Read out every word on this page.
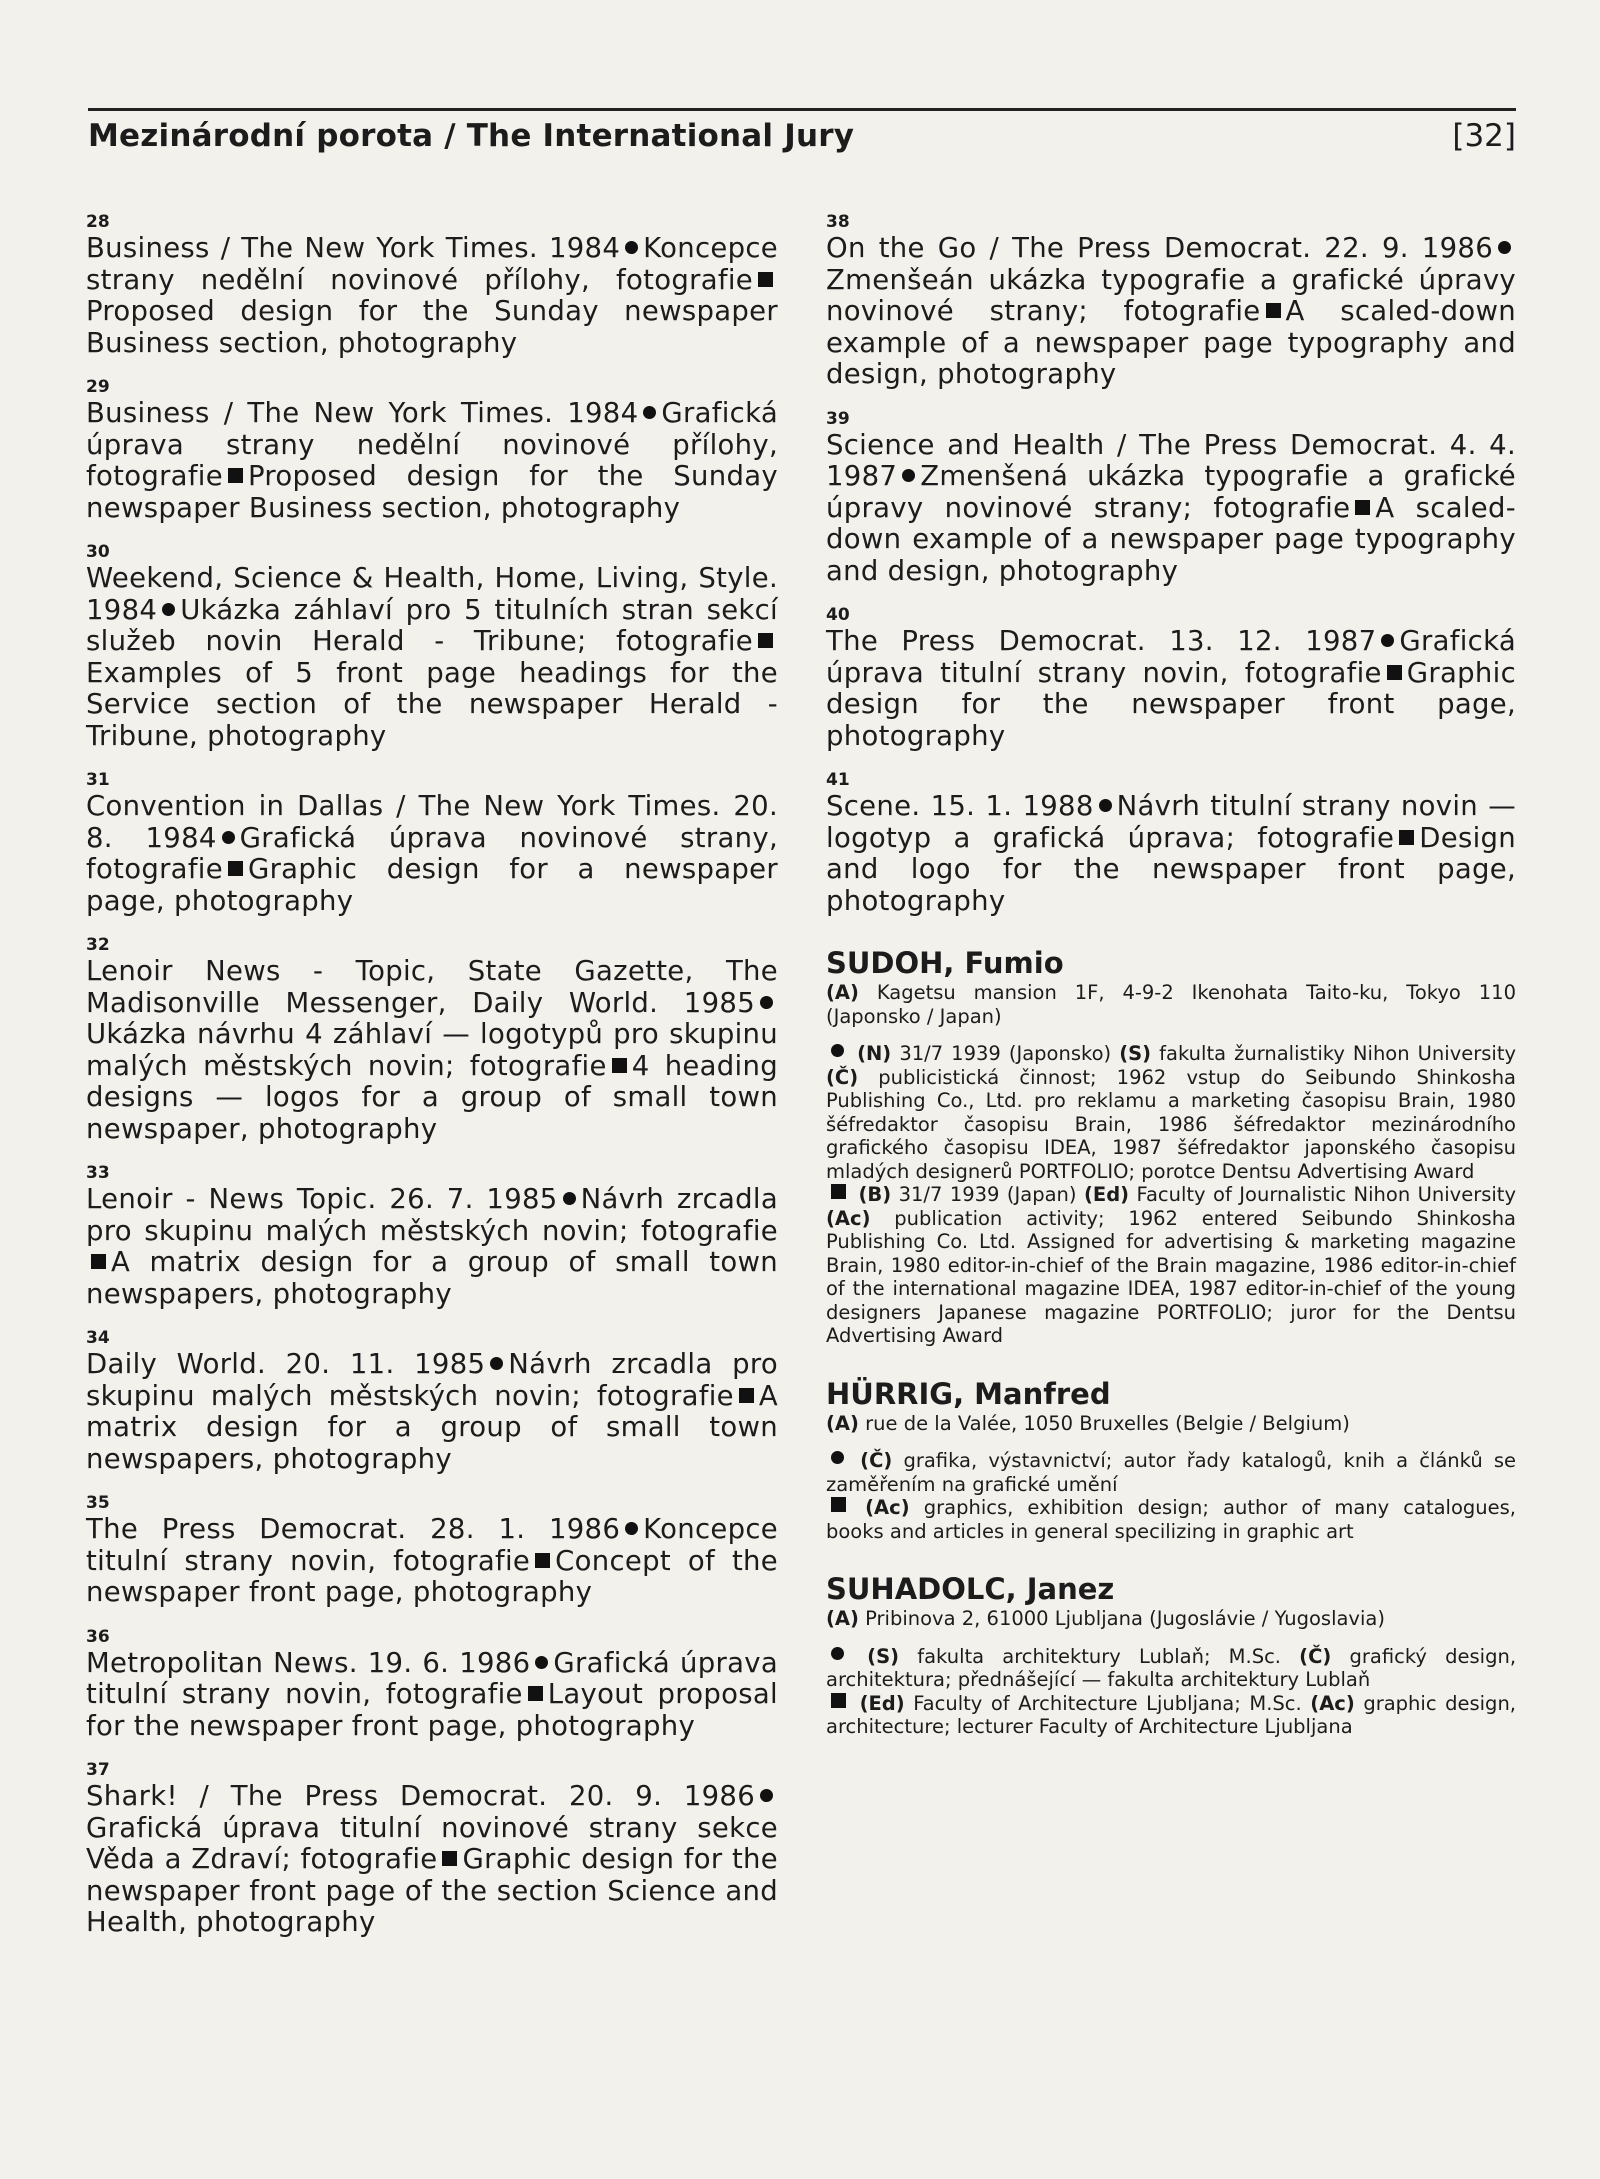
Mezinárodní porota / The International Jury	[32]
28
Business / The New York Times. 1984 Koncepce strany nedělní novinové přílohy, fotografieProposed design for the Sunday newspaper Business section, photography
29
Business / The New York Times. 1984 Grafická úprava strany nedělní novinové přílohy, fotografie Proposed design for the Sunday newspaper Business section, photography
30
Weekend, Science & Health, Home, Living, Style. 1984 Ukázka záhlaví pro 5 titulních stran sekcí služeb novin Herald - Tribune; fotografieExamples of 5 front page headings for the Service section of the newspaper Herald - Tribune, photography
31
Convention in Dallas / The New York Times. 20. 8. 1984 Grafická úprava novinové strany, fotografie Graphic design for a newspaper page, photography
32
Lenoir News - Topic, State Gazette, The Madisonville Messenger, Daily World. 1985Ukázka návrhu 4 záhlaví — logotypů pro skupinu malých městských novin; fotografie 4 heading designs — logos for a group of small town newspaper, photography
33
Lenoir - News Topic. 26. 7. 1985 Návrh zrcadla pro skupinu malých městských novin; fotografieA matrix design for a group of small town newspapers, photography
34
Daily World. 20. 11. 1985 Návrh zrcadla pro skupinu malých městských novin; fotografie A matrix design for a group of small town newspapers, photography
35
The Press Democrat. 28. 1. 1986 Koncepce titulní strany novin, fotografie Concept of the newspaper front page, photography
36
Metropolitan News. 19. 6. 1986 Grafická úprava titulní strany novin, fotografie Layout proposal for the newspaper front page, photography
37
Shark! / The Press Democrat. 20. 9. 1986Grafická úprava titulní novinové strany sekce Věda a Zdraví; fotografie Graphic design for the newspaper front page of the section Science and Health, photography
38
On the Go / The Press Democrat. 22. 9. 1986Zmenšeán ukázka typografie a grafické úpravy novinové strany; fotografie A scaled-down example of a newspaper page typography and design, photography
39
Science and Health / The Press Democrat. 4. 4. 1987 Zmenšená ukázka typografie a grafické úpravy novinové strany; fotografie A scaled-down example of a newspaper page typography and design, photography
40
The Press Democrat. 13. 12. 1987 Grafická úprava titulní strany novin, fotografie Graphic design for the newspaper front page, photography
41
Scene. 15. 1. 1988 Návrh titulní strany novin — logotyp a grafická úprava; fotografie Design and logo for the newspaper front page, photography
SUDOH, Fumio
(A) Kagetsu mansion 1F, 4-9-2 Ikenohata Taito-ku, Tokyo 110 (Japonsko / Japan)
(N) 31/7 1939 (Japonsko) (S) fakulta žurnalistiky Nihon University (Č) publicistická činnost; 1962 vstup do Seibundo Shinkosha Publishing Co., Ltd. pro reklamu a marketing časopisu Brain, 1980 šéfredaktor časopisu Brain, 1986 šéfredaktor mezinárodního grafického časopisu IDEA, 1987 šéfredaktor japonského časopisu mladých designerů PORTFOLIO; porotce Dentsu Advertising Award
(B) 31/7 1939 (Japan) (Ed) Faculty of Journalistic Nihon University (Ac) publication activity; 1962 entered Seibundo Shinkosha Publishing Co. Ltd. Assigned for advertising & marketing magazine Brain, 1980 editor-in-chief of the Brain magazine, 1986 editor-in-chief of the international magazine IDEA, 1987 editor-in-chief of the young designers Japanese magazine PORTFOLIO; juror for the Dentsu Advertising Award
HÜRRIG, Manfred
(A) rue de la Valée, 1050 Bruxelles (Belgie / Belgium)
(Č) grafika, výstavnictví; autor řady katalogů, knih a článků se zaměřením na grafické umění
(Ac) graphics, exhibition design; author of many catalogues, books and articles in general specilizing in graphic art
SUHADOLC, Janez
(A) Pribinova 2, 61000 Ljubljana (Jugoslávie / Yugoslavia)
(S) fakulta architektury Lublaň; M.Sc. (Č) grafický design, architektura; přednášející — fakulta architektury Lublaň
(Ed) Faculty of Architecture Ljubljana; M.Sc. (Ac) graphic design, architecture; lecturer Faculty of Architecture Ljubljana
